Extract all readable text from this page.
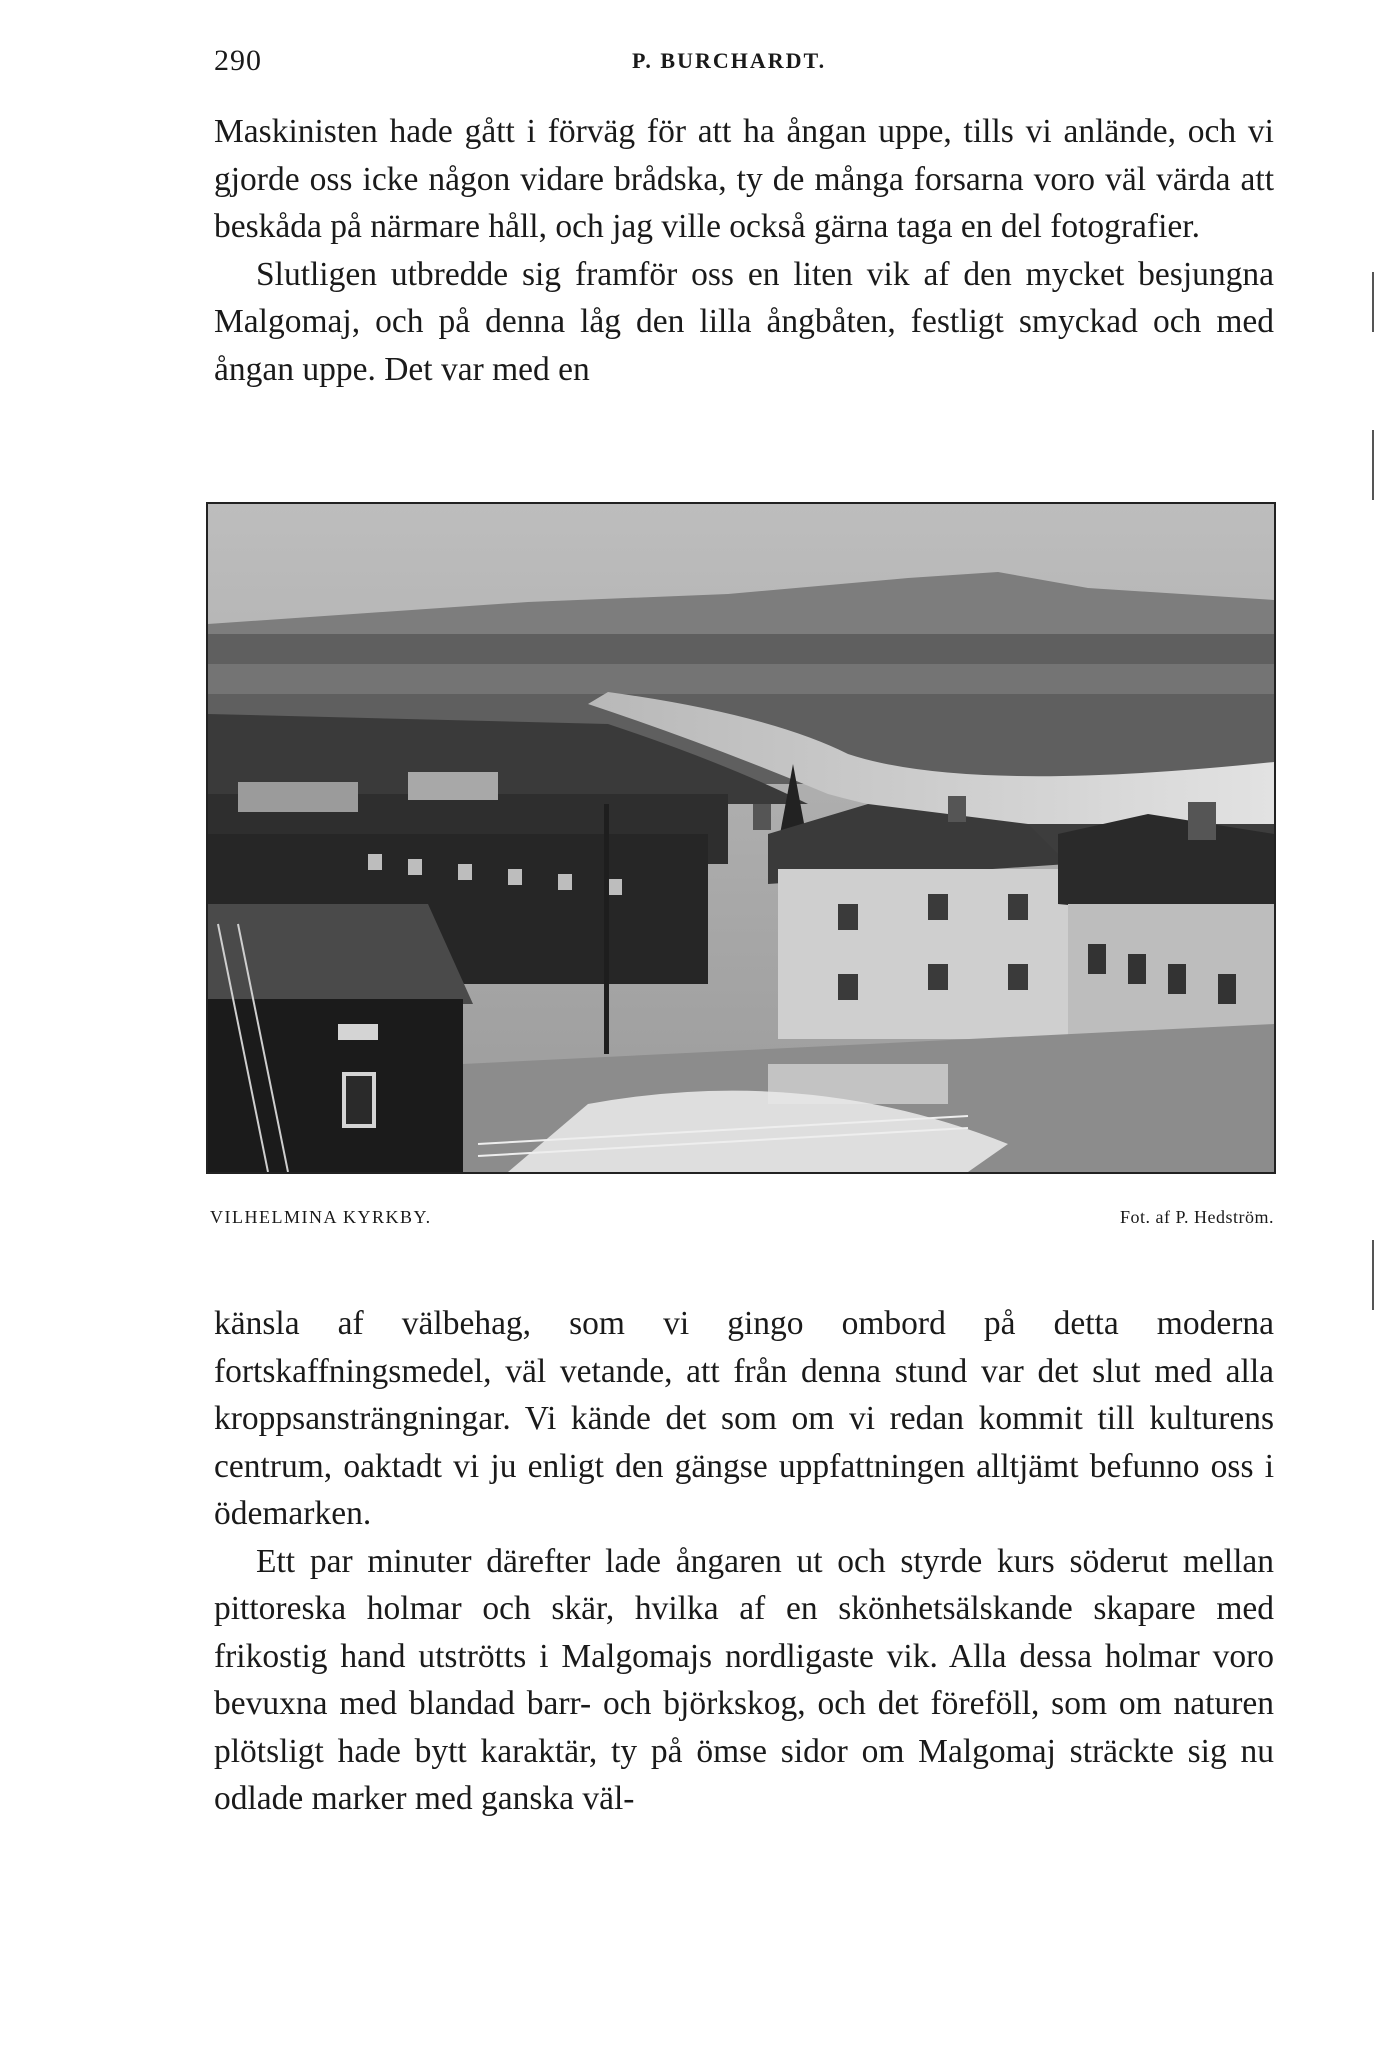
290	P. BURCHARDT.

Maskinisten hade gått i förväg för att ha ångan uppe, tills vi anlände, och vi gjorde oss icke någon vidare brådska, ty de många forsarna voro väl värda att beskåda på närmare håll, och jag ville också gärna taga en del fotografier.

Slutligen utbredde sig framför oss en liten vik af den mycket besjungna Malgomaj, och på denna låg den lilla ångbåten, festligt smyckad och med ångan uppe. Det var med en

VILHELMINA KYRKBY.	Fot. af P. Hedström.

känsla af välbehag, som vi gingo ombord på detta moderna fortskaffningsmedel, väl vetande, att från denna stund var det slut med alla kroppsansträngningar. Vi kände det som om vi redan kommit till kulturens centrum, oaktadt vi ju enligt den gängse uppfattningen alltjämt befunno oss i ödemarken.

Ett par minuter därefter lade ångaren ut och styrde kurs söderut mellan pittoreska holmar och skär, hvilka af en skönhetsälskande skapare med frikostig hand utströtts i Malgomajs nordligaste vik. Alla dessa holmar voro bevuxna med blandad barr- och björkskog, och det föreföll, som om naturen plötsligt hade bytt karaktär, ty på ömse sidor om Malgomaj sträckte sig nu odlade marker med ganska väl-
